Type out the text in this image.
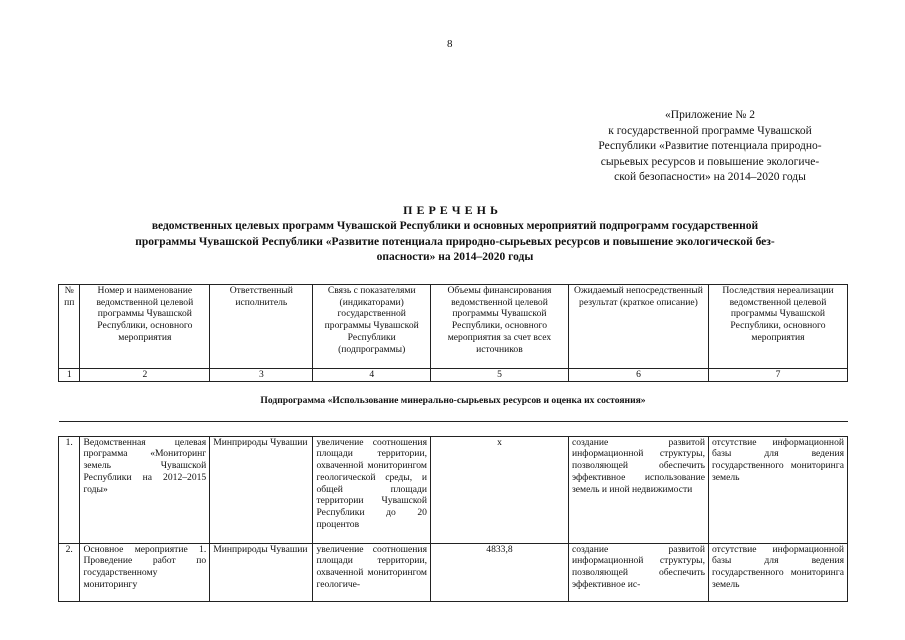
8
«Приложение № 2
к государственной программе Чувашской
Республики «Развитие потенциала природно-
сырьевых ресурсов и повышение экологиче-
ской безопасности» на 2014–2020 годы
ПЕРЕЧЕНЬ
ведомственных целевых программ Чувашской Республики и основных мероприятий подпрограмм государственной
программы Чувашской Республики «Развитие потенциала природно-сырьевых ресурсов и повышение экологической без-
опасности» на 2014–2020 годы
№ пп	Номер и наименование ведомственной целевой программы Чувашской Республики, основного мероприятия	Ответственный исполнитель	Связь с показателями (индикаторами) государственной программы Чувашской Республики (подпрограммы)	Объемы финансирования ведомственной целевой программы Чувашской Республики, основного мероприятия за счет всех источников	Ожидаемый непосредственный результат (краткое описание)	Последствия нереализации ведомственной целевой программы Чувашской Республики, основного мероприятия
1	2	3	4	5	6	7
Подпрограмма «Использование минерально-сырьевых ресурсов и оценка их состояния»						

1.	Ведомственная целевая программа «Мониторинг земель Чувашской Республики на 2012–2015 годы»	Минприроды Чувашии	увеличение соотношения площади территории, охваченной мониторингом геологической среды, и общей площади территории Чувашской Республики до 20 процентов	х	создание развитой информационной структуры, позволяющей обеспечить эффективное использование земель и иной недвижимости	отсутствие информационной базы для ведения государственного мониторинга земель
2.	Основное мероприятие 1. Проведение работ по государственному мониторингу	Минприроды Чувашии	увеличение соотношения площади территории, охваченной мониторингом геологиче-	4833,8	создание развитой информационной структуры, позволяющей обеспечить эффективное ис-	отсутствие информационной базы для ведения государственного мониторинга земель
